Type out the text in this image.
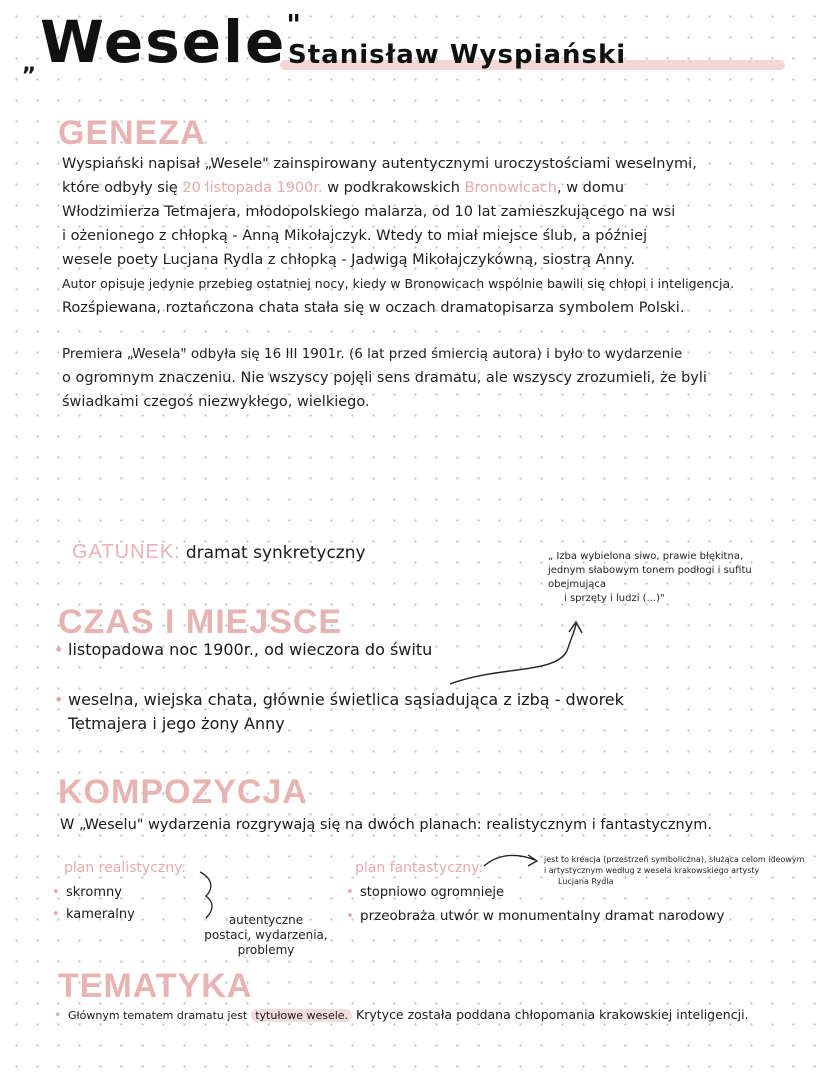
„ Wesele"
Stanisław Wyspiański
GENEZA
Wyspiański napisał „Wesele" zainspirowany autentycznymi uroczystościami weselnymi,
które odbyły się 20 listopada 1900r. w podkrakowskich Bronowicach, w domu
Włodzimierza Tetmajera, młodopolskiego malarza, od 10 lat zamieszkującego na wsi
i ożenionego z chłopką - Anną Mikołajczyk. Wtedy to miał miejsce ślub, a później
wesele poety Lucjana Rydla z chłopką - Jadwigą Mikołajczykówną, siostrą Anny.
Autor opisuje jedynie przebieg ostatniej nocy, kiedy w Bronowicach wspólnie bawili się chłopi i inteligencja.
Rozśpiewana, roztańczona chata stała się w oczach dramatopisarza symbolem Polski.
Premiera „Wesela" odbyła się 16 III 1901r. (6 lat przed śmiercią autora) i było to wydarzenie
o ogromnym znaczeniu. Nie wszyscy pojęli sens dramatu, ale wszyscy zrozumieli, że byli
świadkami czegoś niezwykłego, wielkiego.
GATUNEK: dramat synkretyczny	„ Izba wybielona siwo, prawie błękitna,
jednym słabowym tonem podłogi i sufitu obejmująca
i sprzęty i ludzi (...)"
CZAS I MIEJSCE
• listopadowa noc 1900r., od wieczora do świtu
• weselna, wiejska chata, głównie świetlica sąsiadująca z izbą - dworek
Tetmajera i jego żony Anny
KOMPOZYCJA
W „Weselu" wydarzenia rozgrywają się na dwóch planach: realistycznym i fantastycznym.
plan realistyczny:
• skromny
• kameralny	autentyczne
postaci, wydarzenia,
problemy
plan fantastyczny:
• stopniowo ogromnieje
• przeobraża utwór w monumentalny dramat narodowy
jest to kreacja (przestrzeń symboliczna), służąca celom ideowym
i artystycznym według z wesela krakowskiego artysty
Lucjana Rydla
TEMATYKA
• Głównym tematem dramatu jest tytułowe wesele. Krytyce została poddana chłopomania krakowskiej inteligencji.
